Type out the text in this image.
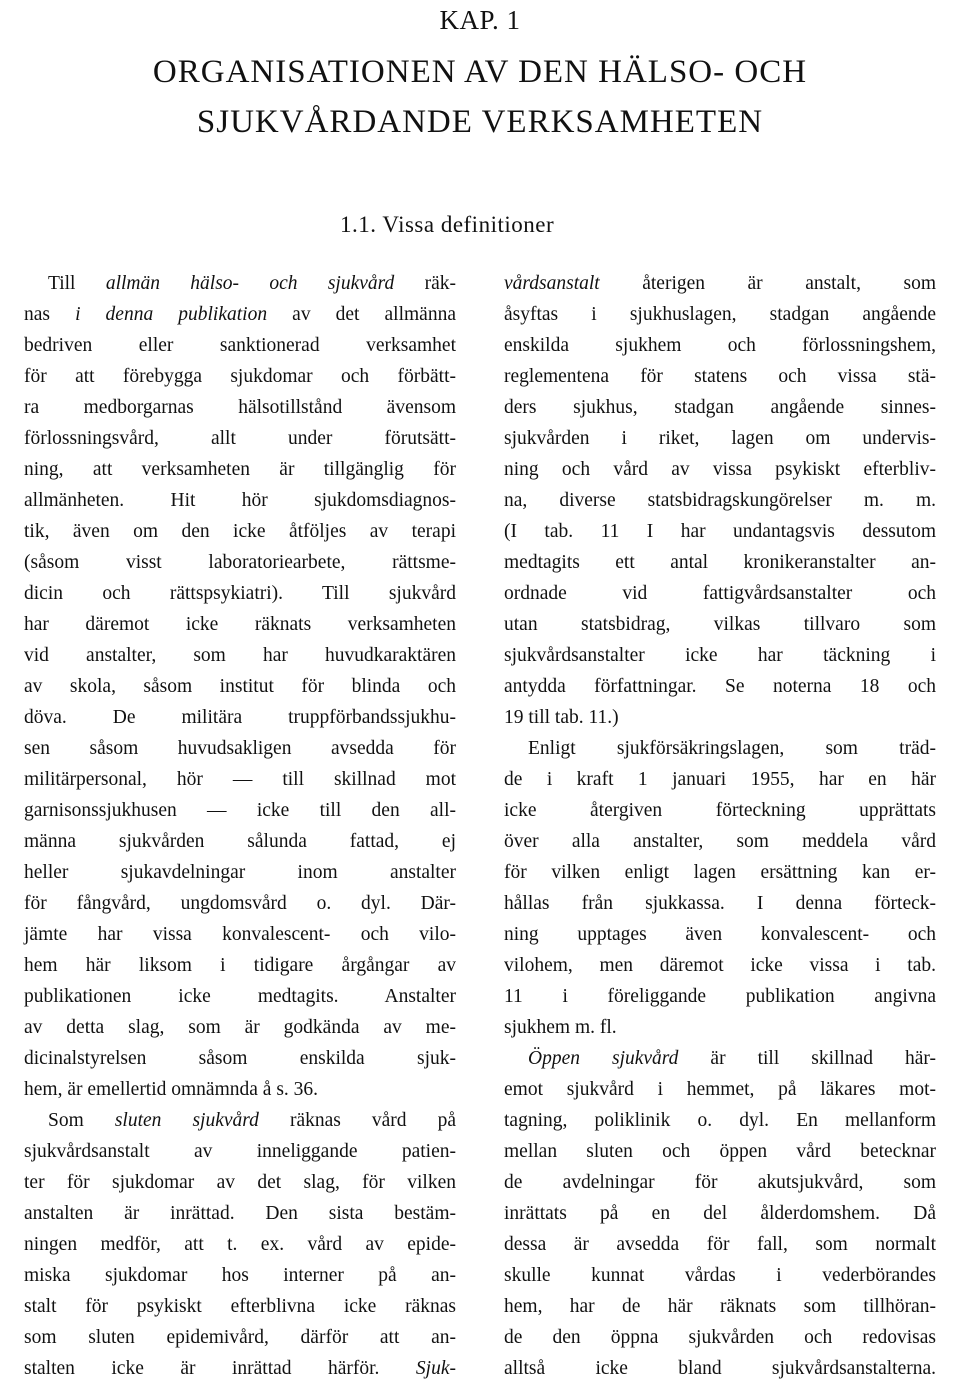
KAP. 1
ORGANISATIONEN AV DEN HÄLSO- OCH
SJUKVÅRDANDE VERKSAMHETEN
1.1. Vissa definitioner
Till allmän hälso- och sjukvård räk-
nas i denna publikation av det allmänna
bedriven eller sanktionerad verksamhet
för att förebygga sjukdomar och förbätt-
ra medborgarnas hälsotillstånd ävensom
förlossningsvård, allt under förutsätt-
ning, att verksamheten är tillgänglig för
allmänheten. Hit hör sjukdomsdiagnos-
tik, även om den icke åtföljes av terapi
(såsom visst laboratoriearbete, rättsme-
dicin och rättspsykiatri). Till sjukvård
har däremot icke räknats verksamheten
vid anstalter, som har huvudkaraktären
av skola, såsom institut för blinda och
döva. De militära truppförbandssjukhu-
sen såsom huvudsakligen avsedda för
militärpersonal, hör — till skillnad mot
garnisonssjukhusen — icke till den all-
männa sjukvården sålunda fattad, ej
heller sjukavdelningar inom anstalter
för fångvård, ungdomsvård o. dyl. Där-
jämte har vissa konvalescent- och vilo-
hem här liksom i tidigare årgångar av
publikationen icke medtagits. Anstalter
av detta slag, som är godkända av me-
dicinalstyrelsen såsom enskilda sjuk-
hem, är emellertid omnämnda å s. 36.
Som sluten sjukvård räknas vård på
sjukvårdsanstalt av inneliggande patien-
ter för sjukdomar av det slag, för vilken
anstalten är inrättad. Den sista bestäm-
ningen medför, att t. ex. vård av epide-
miska sjukdomar hos interner på an-
stalt för psykiskt efterblivna icke räknas
som sluten epidemivård, därför att an-
stalten icke är inrättad härför. Sjuk-
vårdsanstalt återigen är anstalt, som
åsyftas i sjukhuslagen, stadgan angående
enskilda sjukhem och förlossningshem,
reglementena för statens och vissa stä-
ders sjukhus, stadgan angående sinnes-
sjukvården i riket, lagen om undervis-
ning och vård av vissa psykiskt efterbliv-
na, diverse statsbidragskungörelser m. m.
(I tab. 11 I har undantagsvis dessutom
medtagits ett antal kronikeranstalter an-
ordnade vid fattigvårdsanstalter och
utan statsbidrag, vilkas tillvaro som
sjukvårdsanstalter icke har täckning i
antydda författningar. Se noterna 18 och
19 till tab. 11.)
Enligt sjukförsäkringslagen, som träd-
de i kraft 1 januari 1955, har en här
icke återgiven förteckning upprättats
över alla anstalter, som meddela vård
för vilken enligt lagen ersättning kan er-
hållas från sjukkassa. I denna förteck-
ning upptages även konvalescent- och
vilohem, men däremot icke vissa i tab.
11 i föreliggande publikation angivna
sjukhem m. fl.
Öppen sjukvård är till skillnad här-
emot sjukvård i hemmet, på läkares mot-
tagning, poliklinik o. dyl. En mellanform
mellan sluten och öppen vård betecknar
de avdelningar för akutsjukvård, som
inrättats på en del ålderdomshem. Då
dessa är avsedda för fall, som normalt
skulle kunnat vårdas i vederbörandes
hem, har de här räknats som tillhöran-
de den öppna sjukvården och redovisas
alltså icke bland sjukvårdsanstalterna.
